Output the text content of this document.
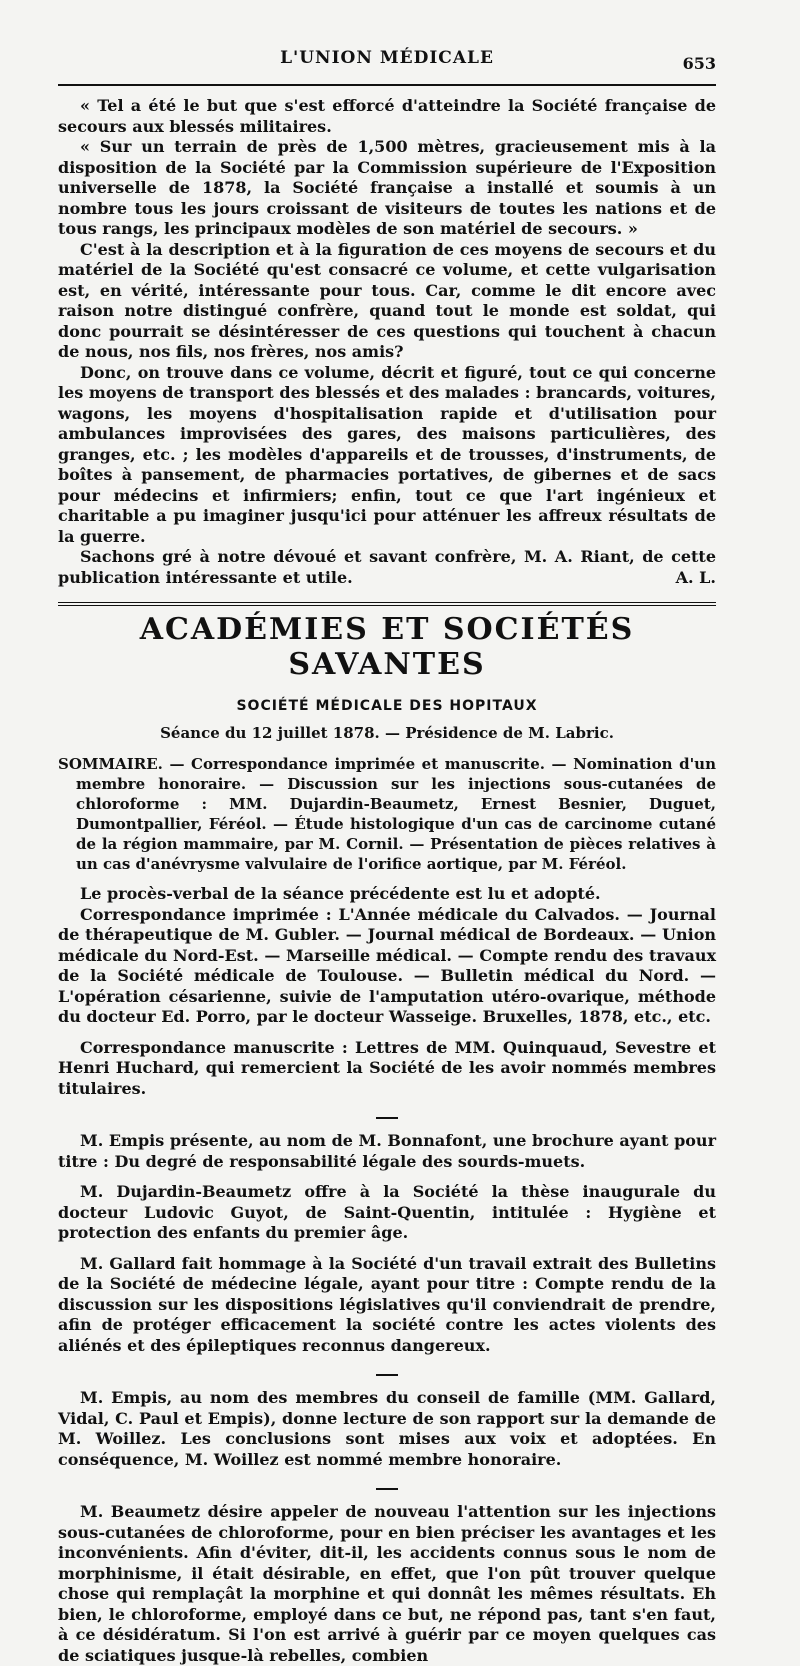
L'UNION MÉDICALE	653

« Tel a été le but que s'est efforcé d'atteindre la Société française de secours aux blessés militaires.

« Sur un terrain de près de 1,500 mètres, gracieusement mis à la disposition de la Société par la Commission supérieure de l'Exposition universelle de 1878, la Société française a installé et soumis à un nombre tous les jours croissant de visiteurs de toutes les nations et de tous rangs, les principaux modèles de son matériel de secours. »

C'est à la description et à la figuration de ces moyens de secours et du matériel de la Société qu'est consacré ce volume, et cette vulgarisation est, en vérité, intéressante pour tous. Car, comme le dit encore avec raison notre distingué confrère, quand tout le monde est soldat, qui donc pourrait se désintéresser de ces questions qui touchent à chacun de nous, nos fils, nos frères, nos amis?

Donc, on trouve dans ce volume, décrit et figuré, tout ce qui concerne les moyens de transport des blessés et des malades : brancards, voitures, wagons, les moyens d'hospitalisation rapide et d'utilisation pour ambulances improvisées des gares, des maisons particulières, des granges, etc. ; les modèles d'appareils et de trousses, d'instruments, de boîtes à pansement, de pharmacies portatives, de gibernes et de sacs pour médecins et infirmiers; enfin, tout ce que l'art ingénieux et charitable a pu imaginer jusqu'ici pour atténuer les affreux résultats de la guerre.

Sachons gré à notre dévoué et savant confrère, M. A. Riant, de cette publication intéressante et utile.	A. L.

ACADÉMIES ET SOCIÉTÉS SAVANTES
SOCIÉTÉ MÉDICALE DES HOPITAUX
Séance du 12 juillet 1878. — Présidence de M. Labric.
SOMMAIRE. — Correspondance imprimée et manuscrite. — Nomination d'un membre honoraire. — Discussion sur les injections sous-cutanées de chloroforme : MM. Dujardin-Beaumetz, Ernest Besnier, Duguet, Dumontpallier, Féréol. — Étude histologique d'un cas de carcinome cutané de la région mammaire, par M. Cornil. — Présentation de pièces relatives à un cas d'anévrysme valvulaire de l'orifice aortique, par M. Féréol.

Le procès-verbal de la séance précédente est lu et adopté.

Correspondance imprimée : L'Année médicale du Calvados. — Journal de thérapeutique de M. Gubler. — Journal médical de Bordeaux. — Union médicale du Nord-Est. — Marseille médical. — Compte rendu des travaux de la Société médicale de Toulouse. — Bulletin médical du Nord. — L'opération césarienne, suivie de l'amputation utéro-ovarique, méthode du docteur Ed. Porro, par le docteur Wasseige. Bruxelles, 1878, etc., etc.

Correspondance manuscrite : Lettres de MM. Quinquaud, Sevestre et Henri Huchard, qui remercient la Société de les avoir nommés membres titulaires.

M. Empis présente, au nom de M. Bonnafont, une brochure ayant pour titre : Du degré de responsabilité légale des sourds-muets.

M. Dujardin-Beaumetz offre à la Société la thèse inaugurale du docteur Ludovic Guyot, de Saint-Quentin, intitulée : Hygiène et protection des enfants du premier âge.

M. Gallard fait hommage à la Société d'un travail extrait des Bulletins de la Société de médecine légale, ayant pour titre : Compte rendu de la discussion sur les dispositions législatives qu'il conviendrait de prendre, afin de protéger efficacement la société contre les actes violents des aliénés et des épileptiques reconnus dangereux.

M. Empis, au nom des membres du conseil de famille (MM. Gallard, Vidal, C. Paul et Empis), donne lecture de son rapport sur la demande de M. Woillez. Les conclusions sont mises aux voix et adoptées. En conséquence, M. Woillez est nommé membre honoraire.

M. Beaumetz désire appeler de nouveau l'attention sur les injections sous-cutanées de chloroforme, pour en bien préciser les avantages et les inconvénients. Afin d'éviter, dit-il, les accidents connus sous le nom de morphinisme, il était désirable, en effet, que l'on pût trouver quelque chose qui remplaçât la morphine et qui donnât les mêmes résultats. Eh bien, le chloroforme, employé dans ce but, ne répond pas, tant s'en faut, à ce désidératum. Si l'on est arrivé à guérir par ce moyen quelques cas de sciatiques jusque-là rebelles, combien
